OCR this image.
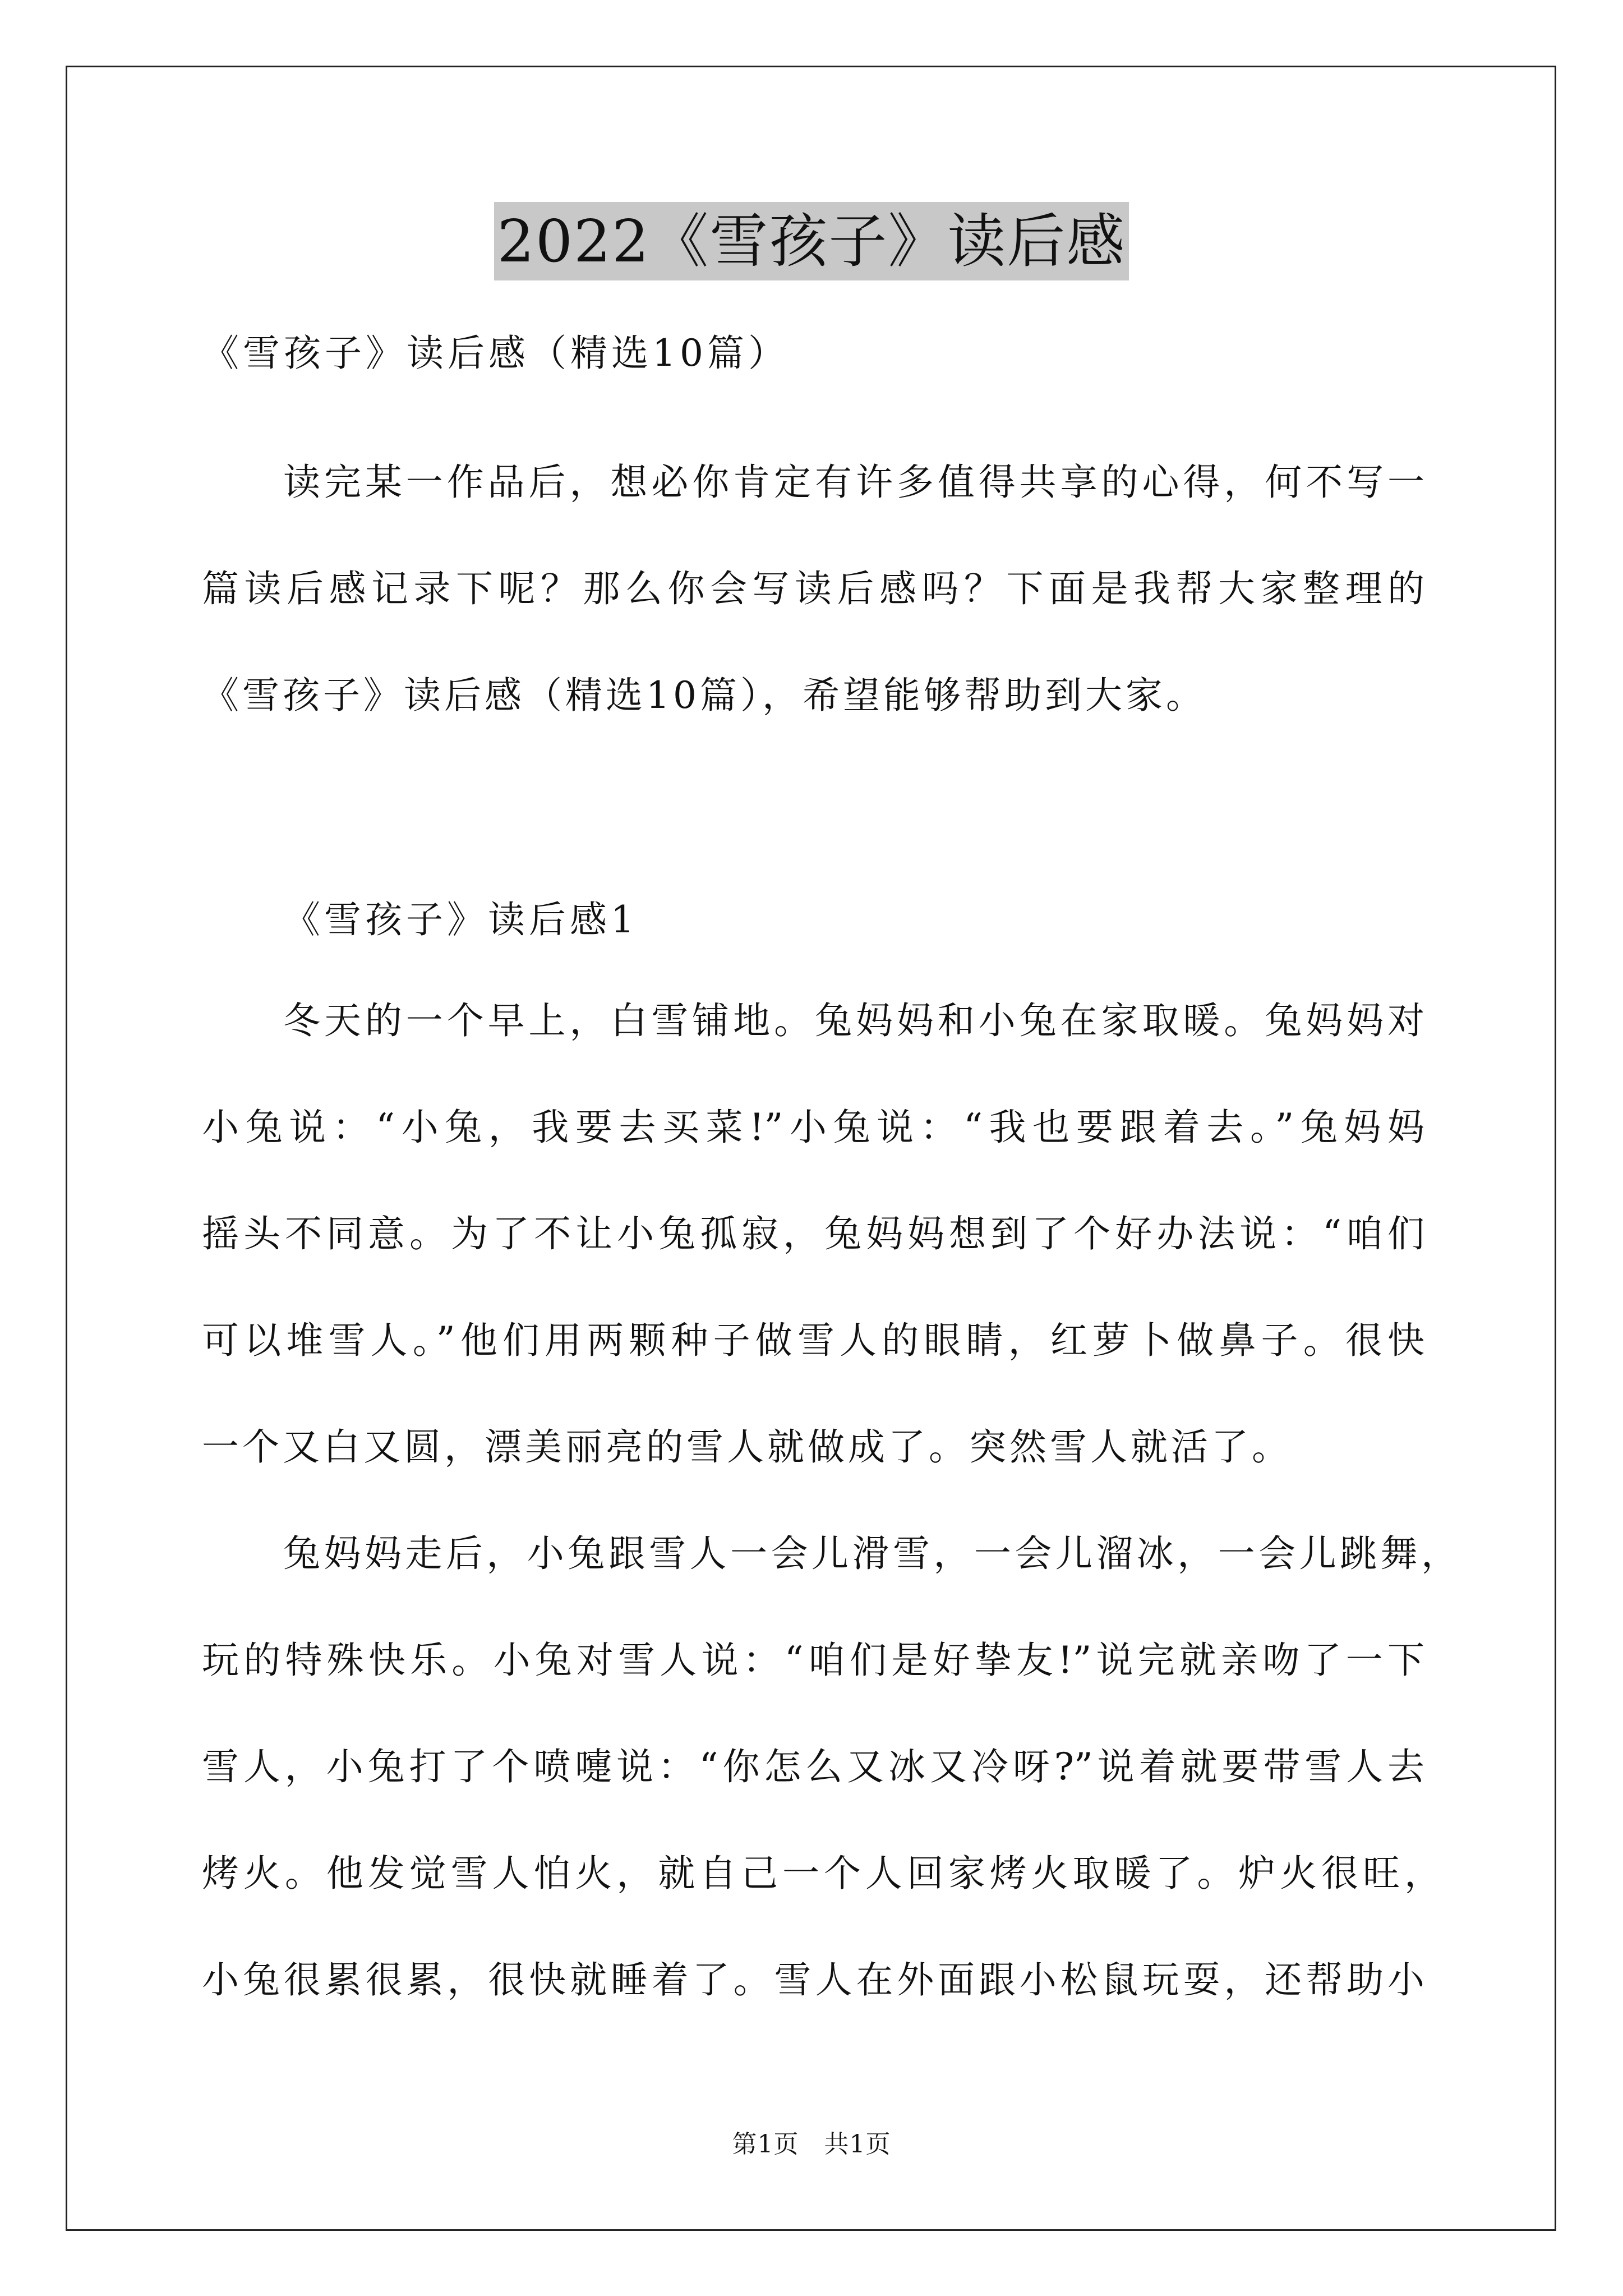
2022《雪孩子》读后感
《雪孩子》读后感（精选10篇）
读完某一作品后，想必你肯定有许多值得共享的心得，何不写一
篇读后感记录下呢？那么你会写读后感吗？下面是我帮大家整理的
《雪孩子》读后感（精选10篇），希望能够帮助到大家。
《雪孩子》读后感1
冬天的一个早上，白雪铺地。兔妈妈和小兔在家取暖。兔妈妈对
小兔说：“小兔，我要去买菜!”小兔说：“我也要跟着去。”兔妈妈
摇头不同意。为了不让小兔孤寂，兔妈妈想到了个好办法说：“咱们
可以堆雪人。”他们用两颗种子做雪人的眼睛，红萝卜做鼻子。很快
一个又白又圆，漂美丽亮的雪人就做成了。突然雪人就活了。
兔妈妈走后，小兔跟雪人一会儿滑雪，一会儿溜冰，一会儿跳舞，
玩的特殊快乐。小兔对雪人说：“咱们是好挚友!”说完就亲吻了一下
雪人，小兔打了个喷嚏说：“你怎么又冰又冷呀?”说着就要带雪人去
烤火。他发觉雪人怕火，就自己一个人回家烤火取暖了。炉火很旺，
小兔很累很累，很快就睡着了。雪人在外面跟小松鼠玩耍，还帮助小
第1页　共1页
